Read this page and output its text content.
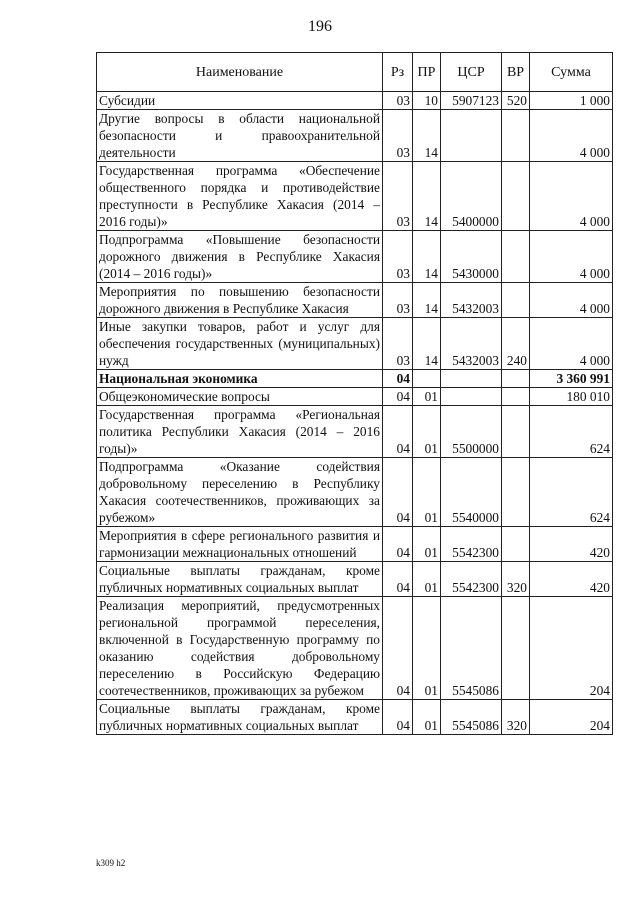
196
Наименование	Рз	ПР	ЦСР	ВР	Сумма
Субсидии	03	10	5907123	520	1 000
Другие вопросы в области национальной безопасности и правоохранительной деятельности	03	14			4 000
Государственная программа «Обеспечение общественного порядка и противодействие преступности в Республике Хакасия (2014 – 2016 годы)»	03	14	5400000		4 000
Подпрограмма «Повышение безопасности дорожного движения в Республике Хакасия (2014 – 2016 годы)»	03	14	5430000		4 000
Мероприятия по повышению безопасности дорожного движения в Республике Хакасия	03	14	5432003		4 000
Иные закупки товаров, работ и услуг для обеспечения государственных (муниципальных) нужд	03	14	5432003	240	4 000
Национальная экономика	04				3 360 991
Общеэкономические вопросы	04	01			180 010
Государственная программа «Региональная политика Республики Хакасия (2014 – 2016 годы)»	04	01	5500000		624
Подпрограмма «Оказание содействия добровольному переселению в Республику Хакасия соотечественников, проживающих за рубежом»	04	01	5540000		624
Мероприятия в сфере регионального развития и гармонизации межнациональных отношений	04	01	5542300		420
Социальные выплаты гражданам, кроме публичных нормативных социальных выплат	04	01	5542300	320	420
Реализация мероприятий, предусмотренных региональной программой переселения, включенной в Государственную программу по оказанию содействия добровольному переселению в Российскую Федерацию соотечественников, проживающих за рубежом	04	01	5545086		204
Социальные выплаты гражданам, кроме публичных нормативных социальных выплат	04	01	5545086	320	204
k309 h2
